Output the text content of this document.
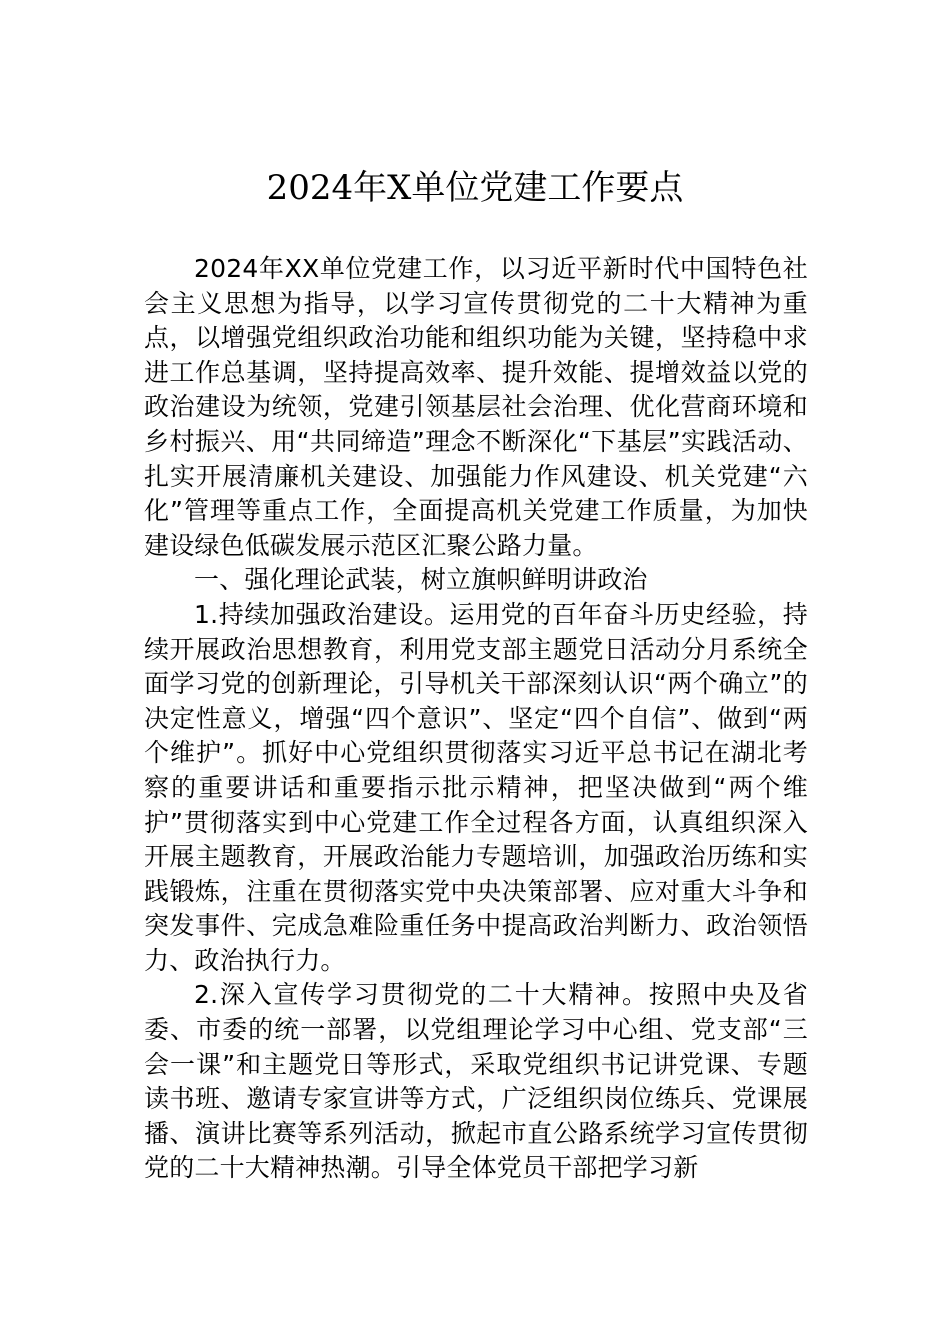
2024年X单位党建工作要点

2024年XX单位党建工作，以习近平新时代中国特色社会主义思想为指导，以学习宣传贯彻党的二十大精神为重点，以增强党组织政治功能和组织功能为关键，坚持稳中求进工作总基调，坚持提高效率、提升效能、提增效益以党的政治建设为统领，党建引领基层社会治理、优化营商环境和乡村振兴、用“共同缔造”理念不断深化“下基层”实践活动、扎实开展清廉机关建设、加强能力作风建设、机关党建“六化”管理等重点工作，全面提高机关党建工作质量，为加快建设绿色低碳发展示范区汇聚公路力量。

一、强化理论武装，树立旗帜鲜明讲政治

1.持续加强政治建设。运用党的百年奋斗历史经验，持续开展政治思想教育，利用党支部主题党日活动分月系统全面学习党的创新理论，引导机关干部深刻认识“两个确立”的决定性意义，增强“四个意识”、坚定“四个自信”、做到“两个维护”。抓好中心党组织贯彻落实习近平总书记在湖北考察的重要讲话和重要指示批示精神，把坚决做到“两个维护”贯彻落实到中心党建工作全过程各方面，认真组织深入开展主题教育，开展政治能力专题培训，加强政治历练和实践锻炼，注重在贯彻落实党中央决策部署、应对重大斗争和突发事件、完成急难险重任务中提高政治判断力、政治领悟力、政治执行力。

2.深入宣传学习贯彻党的二十大精神。按照中央及省委、市委的统一部署，以党组理论学习中心组、党支部“三会一课”和主题党日等形式，采取党组织书记讲党课、专题读书班、邀请专家宣讲等方式，广泛组织岗位练兵、党课展播、演讲比赛等系列活动，掀起市直公路系统学习宣传贯彻党的二十大精神热潮。引导全体党员干部把学习新
